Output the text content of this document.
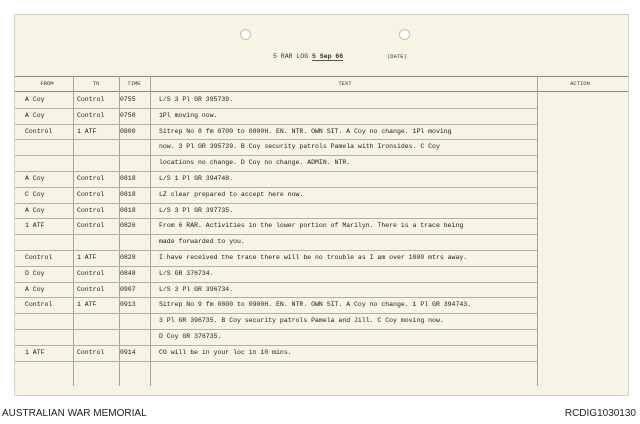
5 RAR LOG 5 Sep 66	(DATE)
FROM	TO	TIME	TEXT	ACTION
A Coy	Control	0755	L/S 3 Pl GR 395739.
A Coy	Control	0758	1Pl moving now.
Control	1 ATF	0800	Sitrep No 8 fm 0700 to 0800H. EN. NTR. OWN SIT. A Coy no change. 1Pl moving
now. 3 Pl GR 395739. B Coy security patrols Pamela with Ironsides. C Coy
locations no change. D Coy no change. ADMIN. NTR.
A Coy	Control	0818	L/S 1 Pl GR 394748.
C Coy	Control	0818	LZ clear prepared to accept here now.
A Coy	Control	0818	L/S 3 Pl GR 397735.
1 ATF	Control	0826	From 6 RAR. Activities in the lower portion of Marilyn. There is a trace being
made forwarded to you.
Control	1 ATF	0828	I have received the trace there will be no trouble as I am over 1000 mtrs away.
D Coy	Control	0848	L/S GR 376734.
A Coy	Control	0907	L/S 3 Pl GR 396734.
Control	1 ATF	0913	Sitrep No 9 fm 0800 to 0900H. EN. NTR. OWN SIT. A Coy no change. 1 Pl GR 394743.
3 Pl GR 396735. B Coy security patrols Pamela and Jill. C Coy moving now.
D Coy GR 376735.
1 ATF	Control	0914	CO will be in your loc in 10 mins.
AUSTRALIAN WAR MEMORIAL	RCDIG1030130
